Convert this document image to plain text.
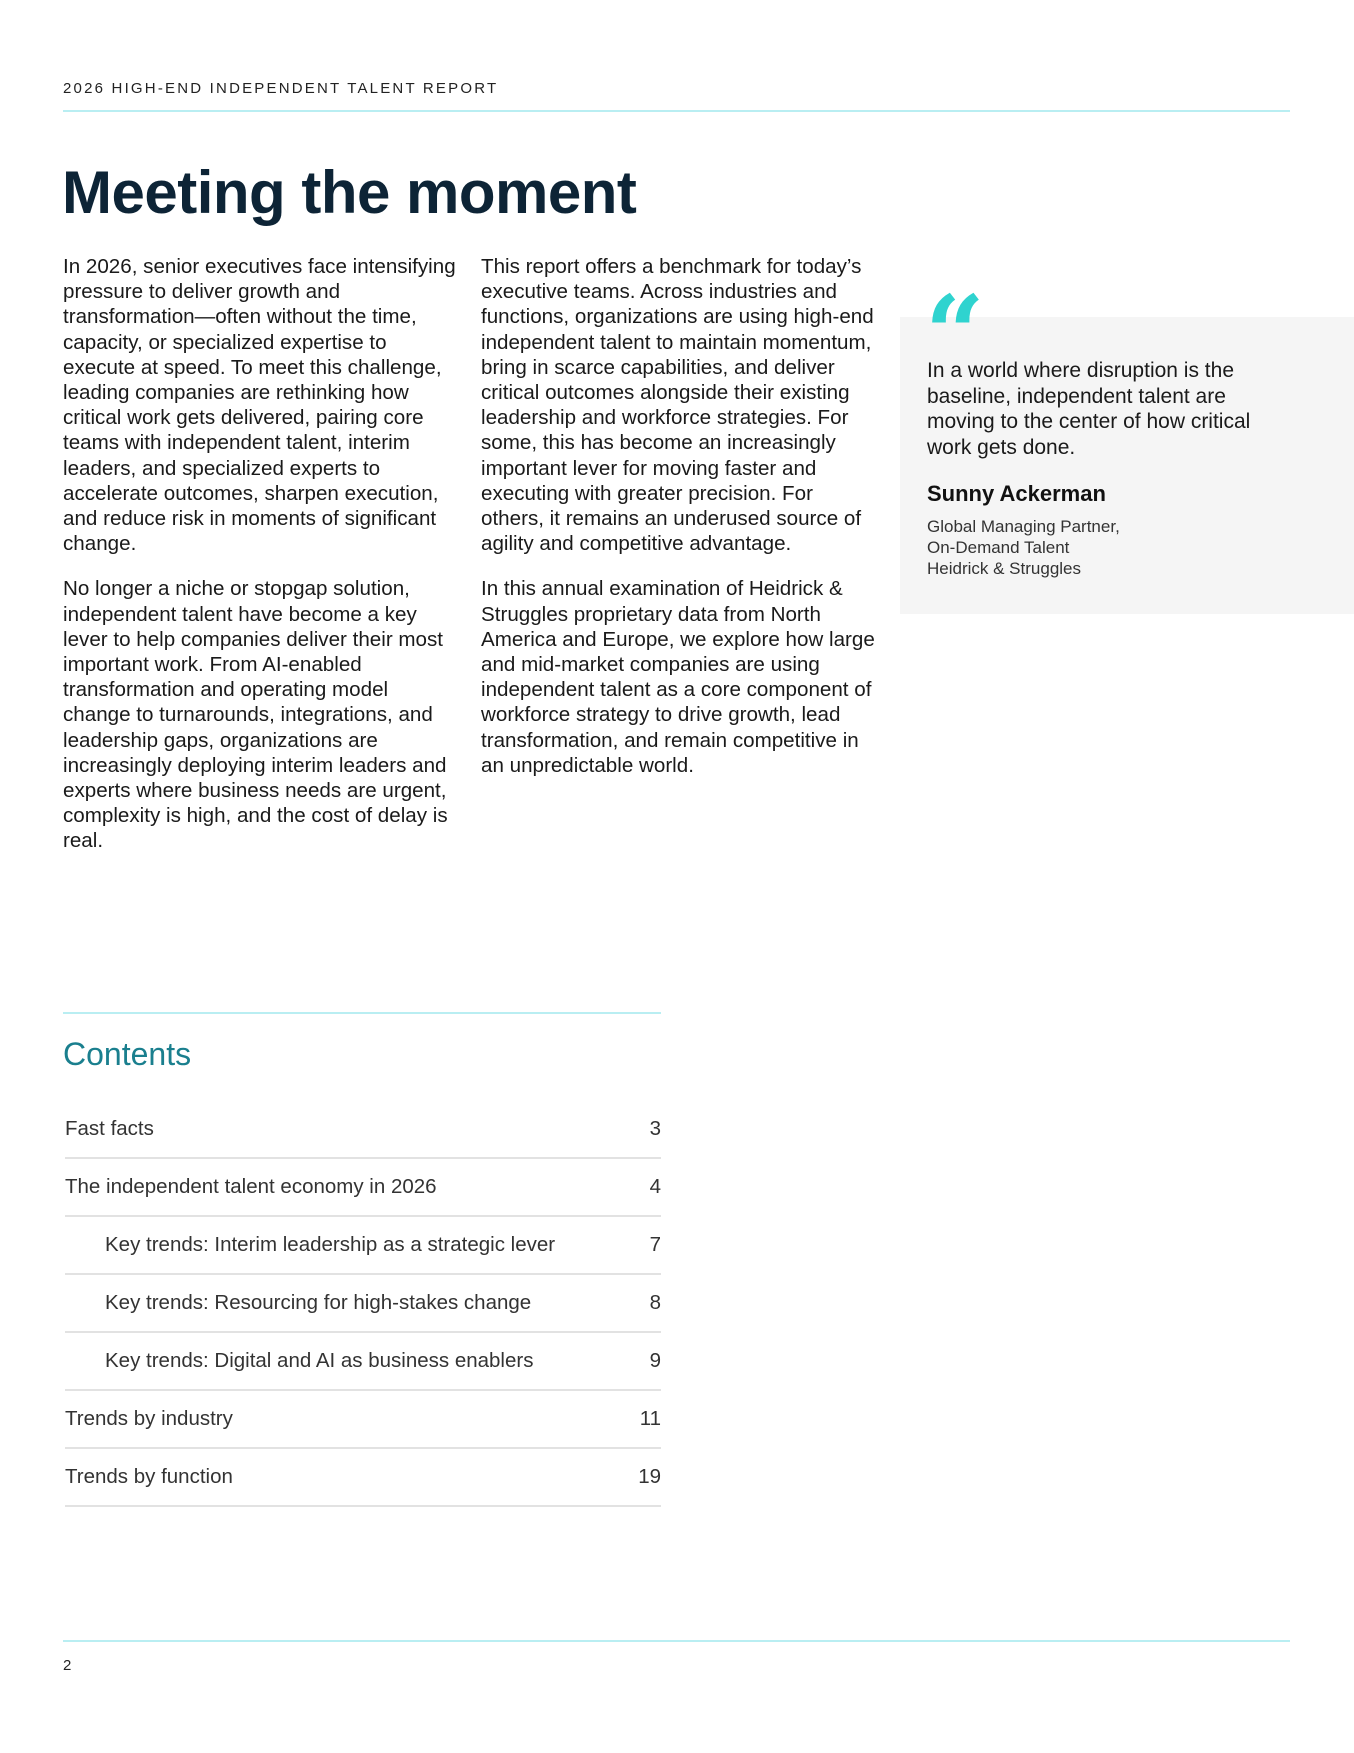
2026 HIGH-END INDEPENDENT TALENT REPORT
Meeting the moment

In 2026, senior executives face intensifying pressure to deliver growth and transformation—often without the time, capacity, or specialized expertise to execute at speed. To meet this challenge, leading companies are rethinking how critical work gets delivered, pairing core teams with independent talent, interim leaders, and specialized experts to accelerate outcomes, sharpen execution, and reduce risk in moments of significant change.

No longer a niche or stopgap solution, independent talent have become a key lever to help companies deliver their most important work. From AI-enabled transformation and operating model change to turnarounds, integrations, and leadership gaps, organizations are increasingly deploying interim leaders and experts where business needs are urgent, complexity is high, and the cost of delay is real.

This report offers a benchmark for today’s executive teams. Across industries and functions, organizations are using high-end independent talent to maintain momentum, bring in scarce capabilities, and deliver critical outcomes alongside their existing leadership and workforce strategies. For some, this has become an increasingly important lever for moving faster and executing with greater precision. For others, it remains an underused source of agility and competitive advantage.

In this annual examination of Heidrick & Struggles proprietary data from North America and Europe, we explore how large and mid-market companies are using independent talent as a core component of workforce strategy to drive growth, lead transformation, and remain competitive in an unpredictable world.

“
In a world where disruption is the baseline, independent talent are moving to the center of how critical work gets done.
Sunny Ackerman
Global Managing Partner,
On-Demand Talent
Heidrick & Struggles
Contents
Fast facts	3
The independent talent economy in 2026	4
Key trends: Interim leadership as a strategic lever	7
Key trends: Resourcing for high-stakes change	8
Key trends: Digital and AI as business enablers	9
Trends by industry	11
Trends by function	19
2
